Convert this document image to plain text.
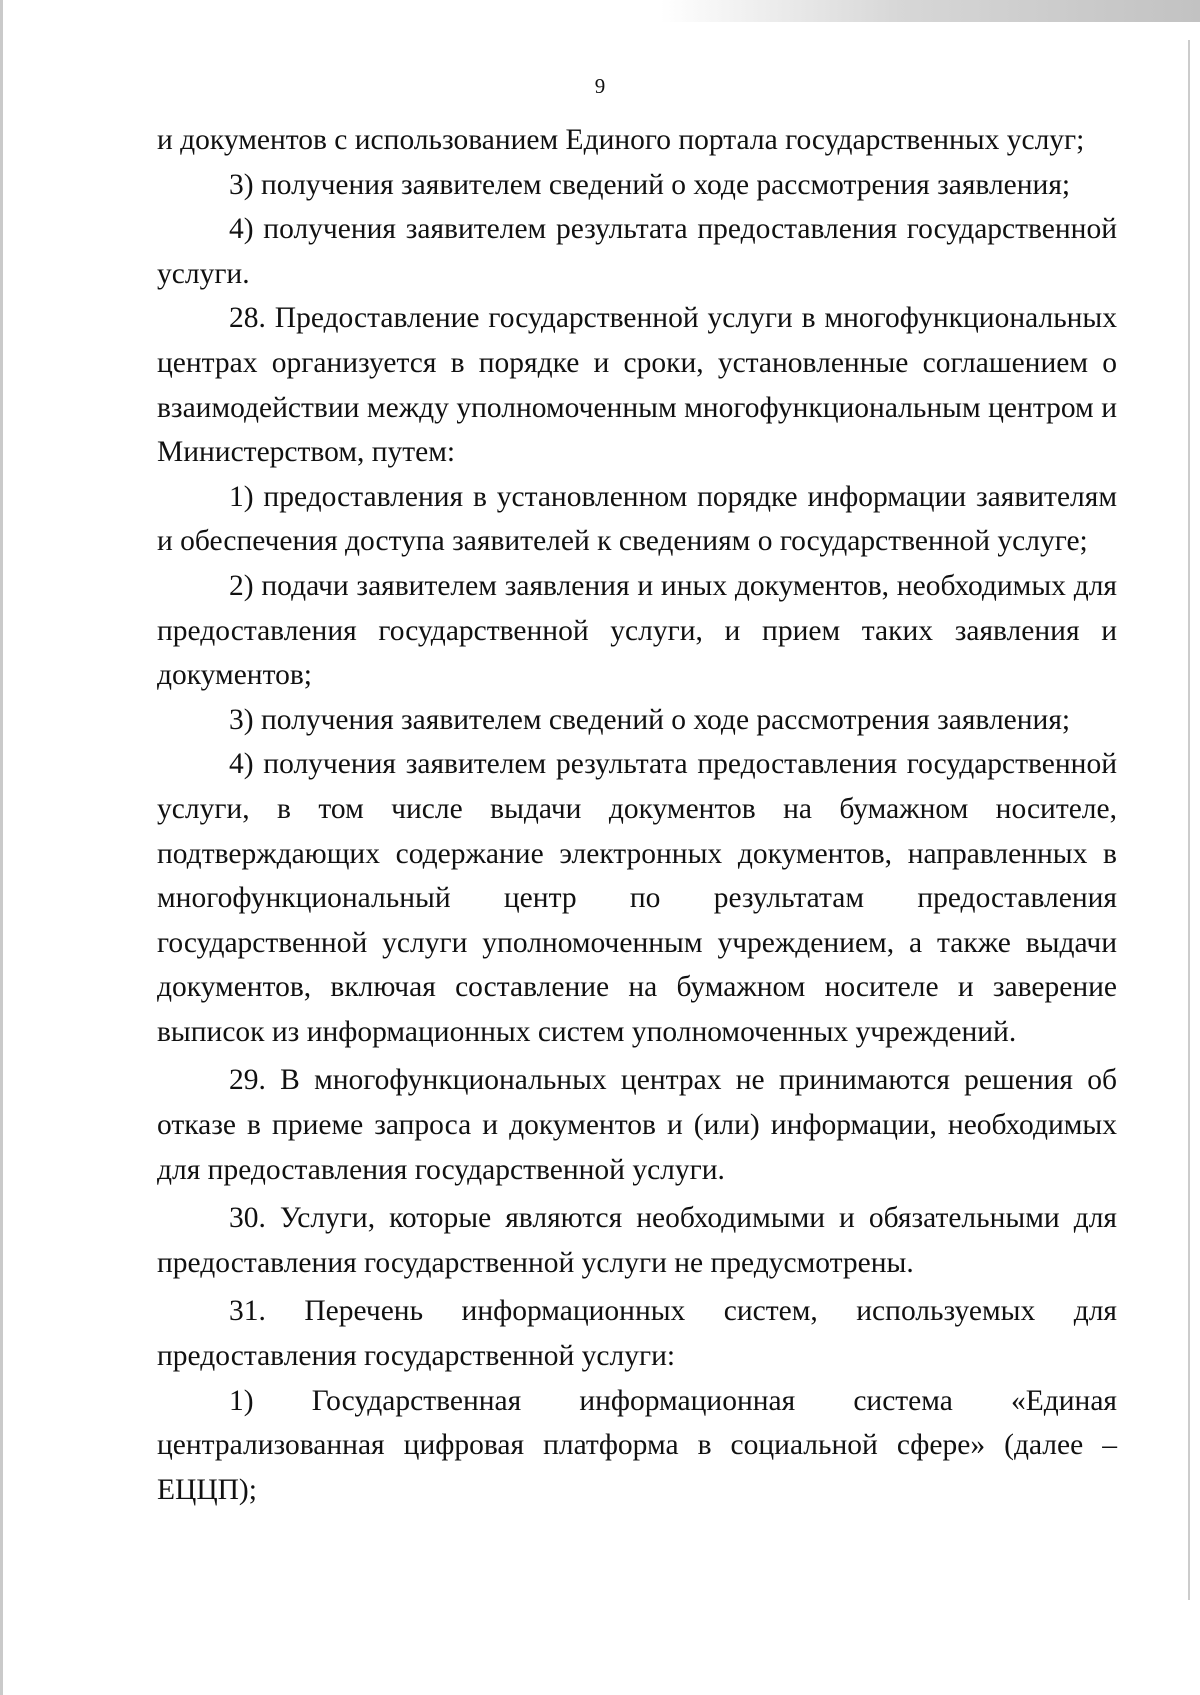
9

и документов с использованием Единого портала государственных услуг;

3) получения заявителем сведений о ходе рассмотрения заявления;

4) получения заявителем результата предоставления государственной услуги.

28. Предоставление государственной услуги в многофункциональных центрах организуется в порядке и сроки, установленные соглашением о взаимодействии между уполномоченным многофункциональным центром и Министерством, путем:

1) предоставления в установленном порядке информации заявителям и обеспечения доступа заявителей к сведениям о государственной услуге;

2) подачи заявителем заявления и иных документов, необходимых для предоставления государственной услуги, и прием таких заявления и документов;

3) получения заявителем сведений о ходе рассмотрения заявления;

4) получения заявителем результата предоставления государственной услуги, в том числе выдачи документов на бумажном носителе, подтверждающих содержание электронных документов, направленных в многофункциональный центр по результатам предоставления государственной услуги уполномоченным учреждением, а также выдачи документов, включая составление на бумажном носителе и заверение выписок из информационных систем уполномоченных учреждений.

29. В многофункциональных центрах не принимаются решения об отказе в приеме запроса и документов и (или) информации, необходимых для предоставления государственной услуги.

30. Услуги, которые являются необходимыми и обязательными для предоставления государственной услуги не предусмотрены.

31. Перечень информационных систем, используемых для предоставления государственной услуги:

1) Государственная информационная система «Единая централизованная цифровая платформа в социальной сфере» (далее – ЕЦЦП);
